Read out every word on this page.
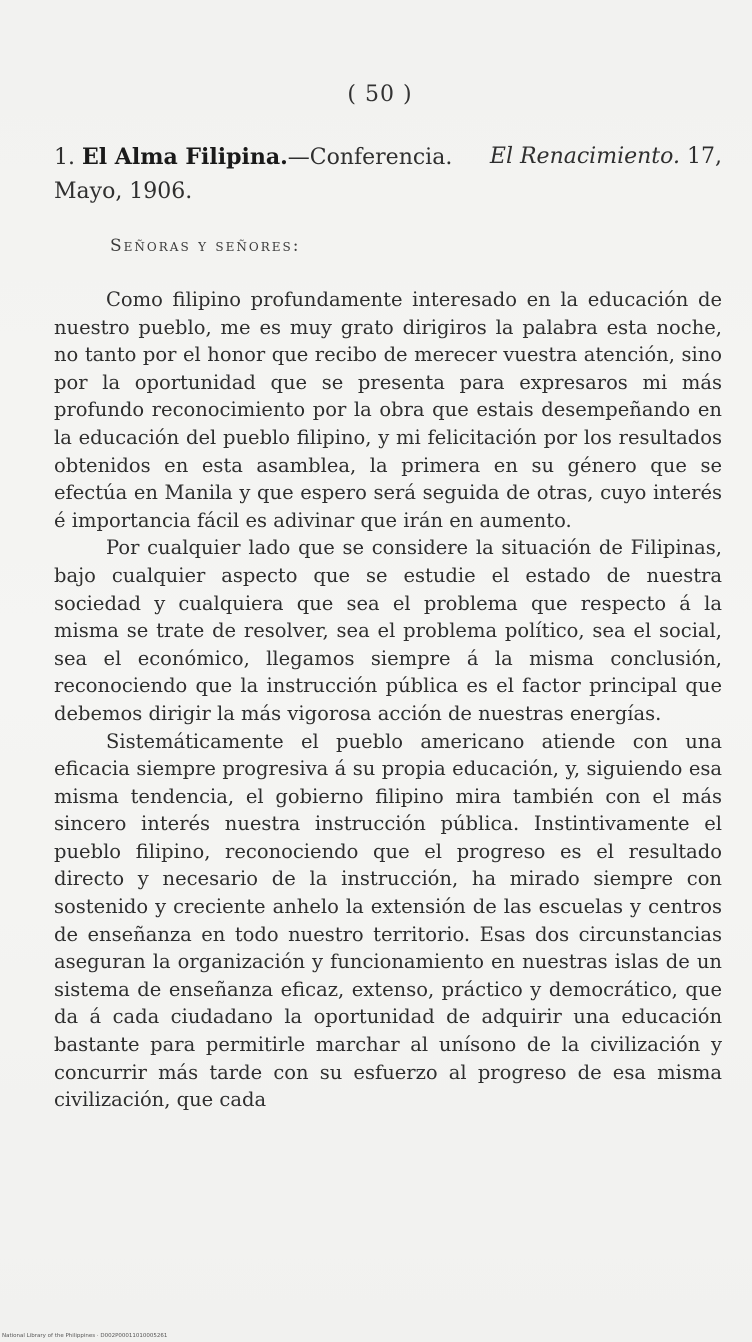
( 50 )
1. El Alma Filipina.—Conferencia. El Renacimiento. 17,
Mayo, 1906.
Señoras y señores:

Como filipino profundamente interesado en la educación de nuestro pueblo, me es muy grato dirigiros la palabra esta noche, no tanto por el honor que recibo de merecer vuestra atención, sino por la oportunidad que se presenta para expresaros mi más profundo reconocimiento por la obra que estais desempeñando en la educación del pueblo filipino, y mi felicitación por los resultados obtenidos en esta asamblea, la primera en su género que se efectúa en Manila y que espero será seguida de otras, cuyo interés é importancia fácil es adivinar que irán en aumento.

Por cualquier lado que se considere la situación de Filipinas, bajo cualquier aspecto que se estudie el estado de nuestra sociedad y cualquiera que sea el problema que respecto á la misma se trate de resolver, sea el problema político, sea el social, sea el económico, llegamos siempre á la misma conclusión, reconociendo que la instrucción pública es el factor principal que debemos dirigir la más vigorosa acción de nuestras energías.

Sistemáticamente el pueblo americano atiende con una eficacia siempre progresiva á su propia educación, y, siguiendo esa misma tendencia, el gobierno filipino mira también con el más sincero interés nuestra instrucción pública. Instintivamente el pueblo filipino, reconociendo que el progreso es el resultado directo y necesario de la instrucción, ha mirado siempre con sostenido y creciente anhelo la extensión de las escuelas y centros de enseñanza en todo nuestro territorio. Esas dos circunstancias aseguran la organización y funcionamiento en nuestras islas de un sistema de enseñanza eficaz, extenso, práctico y democrático, que da á cada ciudadano la oportunidad de adquirir una educación bastante para permitirle marchar al unísono de la civilización y concurrir más tarde con su esfuerzo al progreso de esa misma civilización, que cada

National Library of the Philippines · D002P00011010005261
